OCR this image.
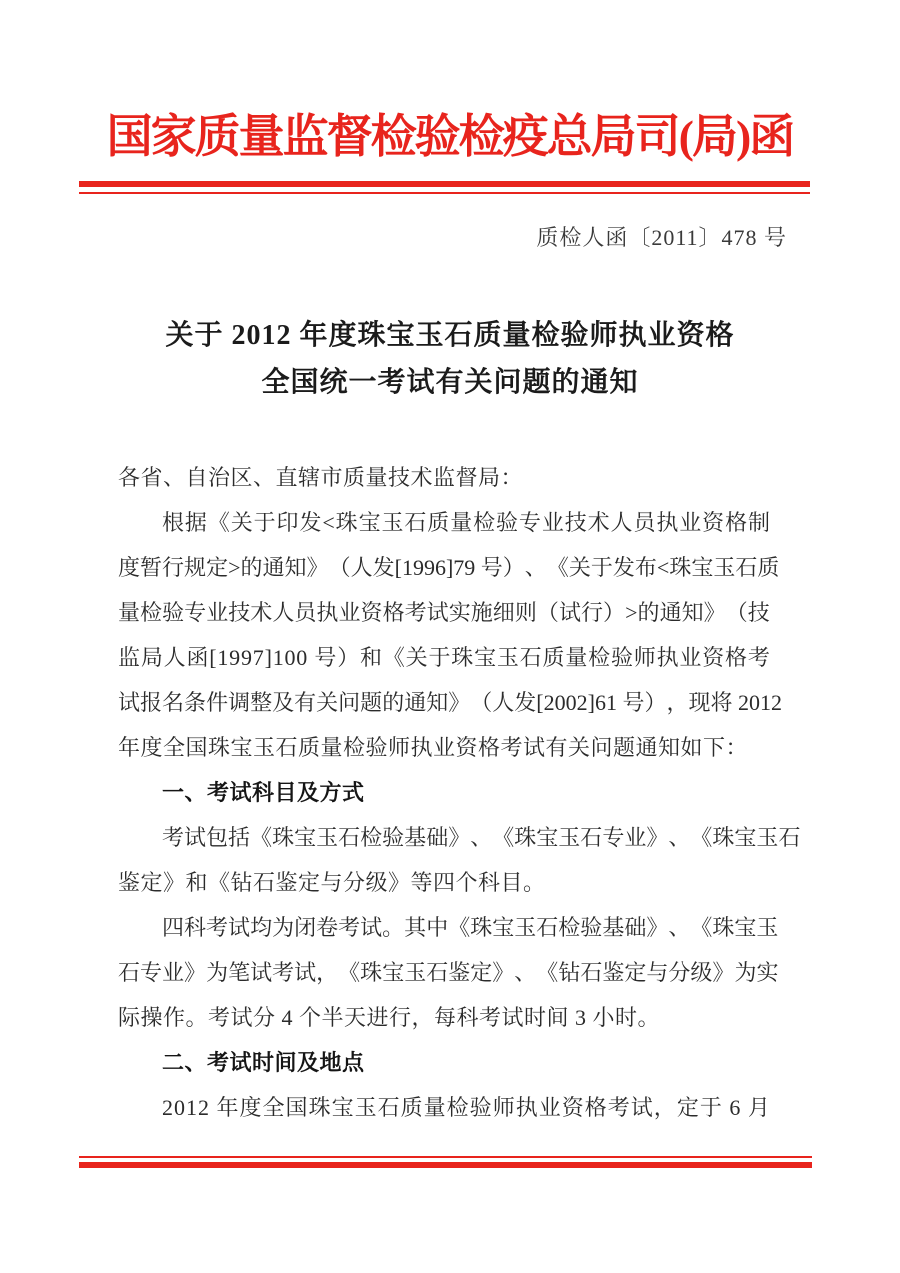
国家质量监督检验检疫总局司(局)函
质检人函〔2011〕478 号
关于 2012 年度珠宝玉石质量检验师执业资格
全国统一考试有关问题的通知
各省、自治区、直辖市质量技术监督局：
根 据 《 关 于 印 发 < 珠 宝 玉 石 质 量 检 验 专 业 技 术 人 员 执 业 资 格 制
度 暂 行 规 定 > 的 通 知 》 （ 人 发 [ 1 9 9 6 ] 7 9
号 ） 、 《 关 于 发 布 < 珠 宝 玉 石 质
量 检 验 专 业 技 术 人 员 执 业 资 格 考 试 实 施 细 则 （ 试 行 ） > 的 通 知 》 （ 技
监 局 人 函 [ 1 9 9 7 ] 1 0 0
号 ） 和 《 关 于 珠 宝 玉 石 质 量 检 验 师 执 业 资 格 考
试 报 名 条 件 调 整 及 有 关 问 题 的 通 知 》 （ 人 发 [ 2 0 0 2 ] 6 1
号 ） ， 现 将
2 0 1 2
年度全国珠宝玉石质量检验师执业资格考试有关问题通知如下：
一、考试科目及方式
考 试 包 括 《 珠 宝 玉 石 检 验 基 础 》 、 《 珠 宝 玉 石 专 业 》 、 《 珠 宝 玉 石
鉴定》和《钻石鉴定与分级》等四个科目。
四 科 考 试 均 为 闭 卷 考 试 。 其 中 《 珠 宝 玉 石 检 验 基 础 》 、 《 珠 宝 玉
石 专 业 》 为 笔 试 考 试 ， 《 珠 宝 玉 石 鉴 定 》 、 《 钻 石 鉴 定 与 分 级 》 为 实
际操作。考试分 4 个半天进行，每科考试时间 3 小时。
二、考试时间及地点
2 0 1 2
年 度 全 国 珠 宝 玉 石 质 量 检 验 师 执 业 资 格 考 试 ， 定 于
6
月
